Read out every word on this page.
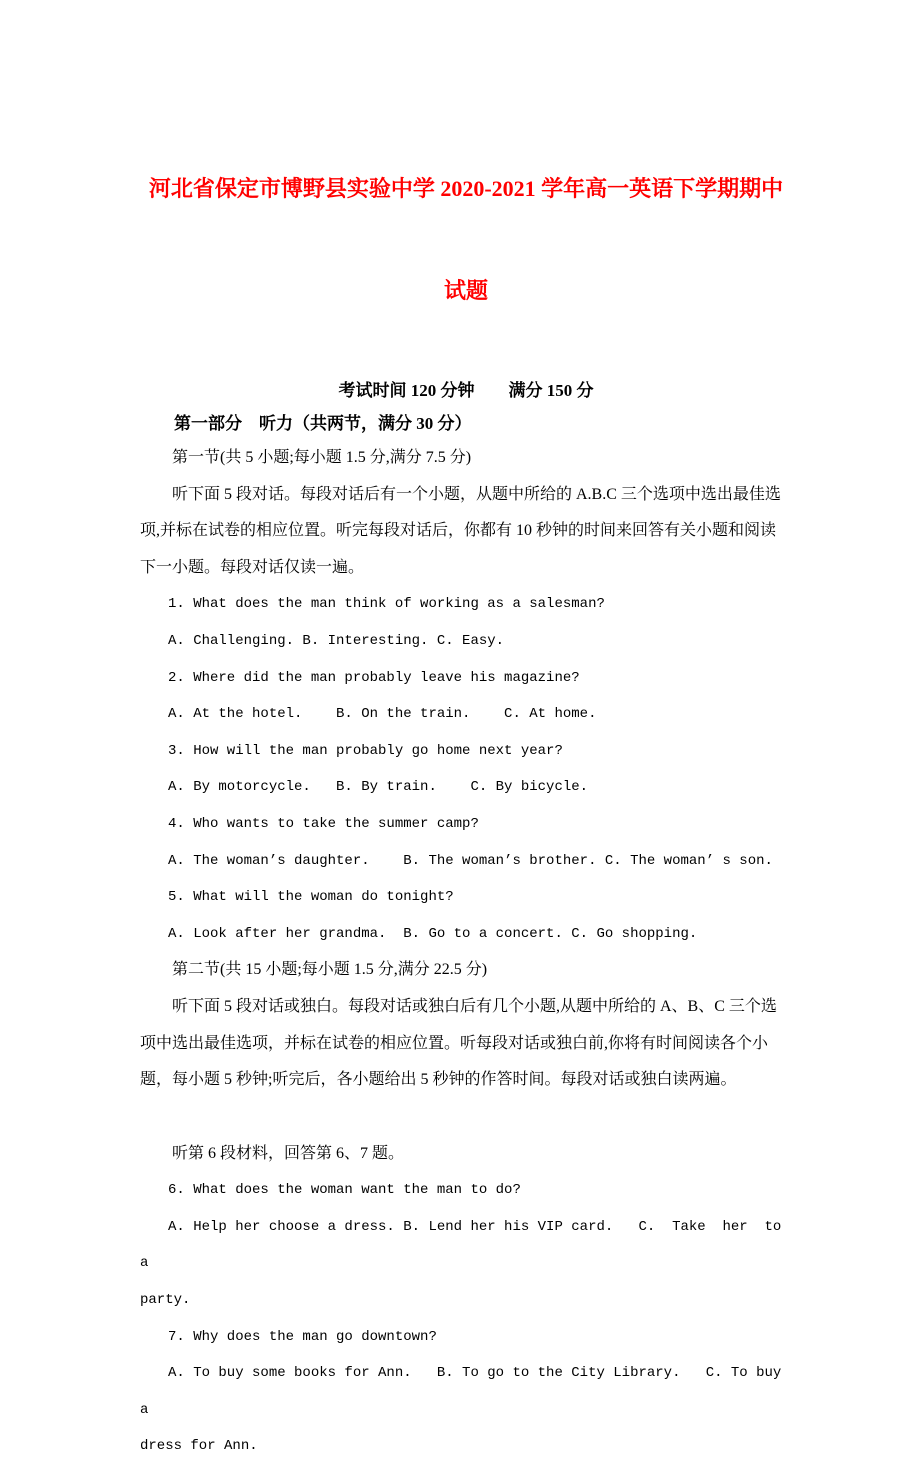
河北省保定市博野县实验中学 2020-2021 学年高一英语下学期期中

试题

考试时间 120 分钟　　满分 150 分

第一部分　听力（共两节，满分 30 分）

第一节(共 5 小题;每小题 1.5 分,满分 7.5 分)

听下面 5 段对话。每段对话后有一个小题，从题中所给的 A.B.C 三个选项中选出最佳选

项,并标在试卷的相应位置。听完每段对话后，你都有 10 秒钟的时间来回答有关小题和阅读

下一小题。每段对话仅读一遍。

1. What does the man think of working as a salesman?

A. Challenging. B. Interesting. C. Easy.

2. Where did the man probably leave his magazine?

A. At the hotel.    B. On the train.    C. At home.

3. How will the man probably go home next year?

A. By motorcycle.   B. By train.    C. By bicycle.

4. Who wants to take the summer camp?

A. The woman’s daughter.    B. The woman’s brother. C. The woman’ s son.

5. What will the woman do tonight?

A. Look after her grandma.  B. Go to a concert. C. Go shopping.

第二节(共 15 小题;每小题 1.5 分,满分 22.5 分)

听下面 5 段对话或独白。每段对话或独白后有几个小题,从题中所给的 A、B、C 三个选

项中选出最佳选项，并标在试卷的相应位置。听每段对话或独白前,你将有时间阅读各个小

题，每小题 5 秒钟;听完后，各小题给出 5 秒钟的作答时间。每段对话或独白读两遍。

听第 6 段材料，回答第 6、7 题。

6. What does the woman want the man to do?

A. Help her choose a dress. B. Lend her his VIP card.   C.  Take  her  to  a

party.

7. Why does the man go downtown?

A. To buy some books for Ann.   B. To go to the City Library.   C. To buy a

dress for Ann.
